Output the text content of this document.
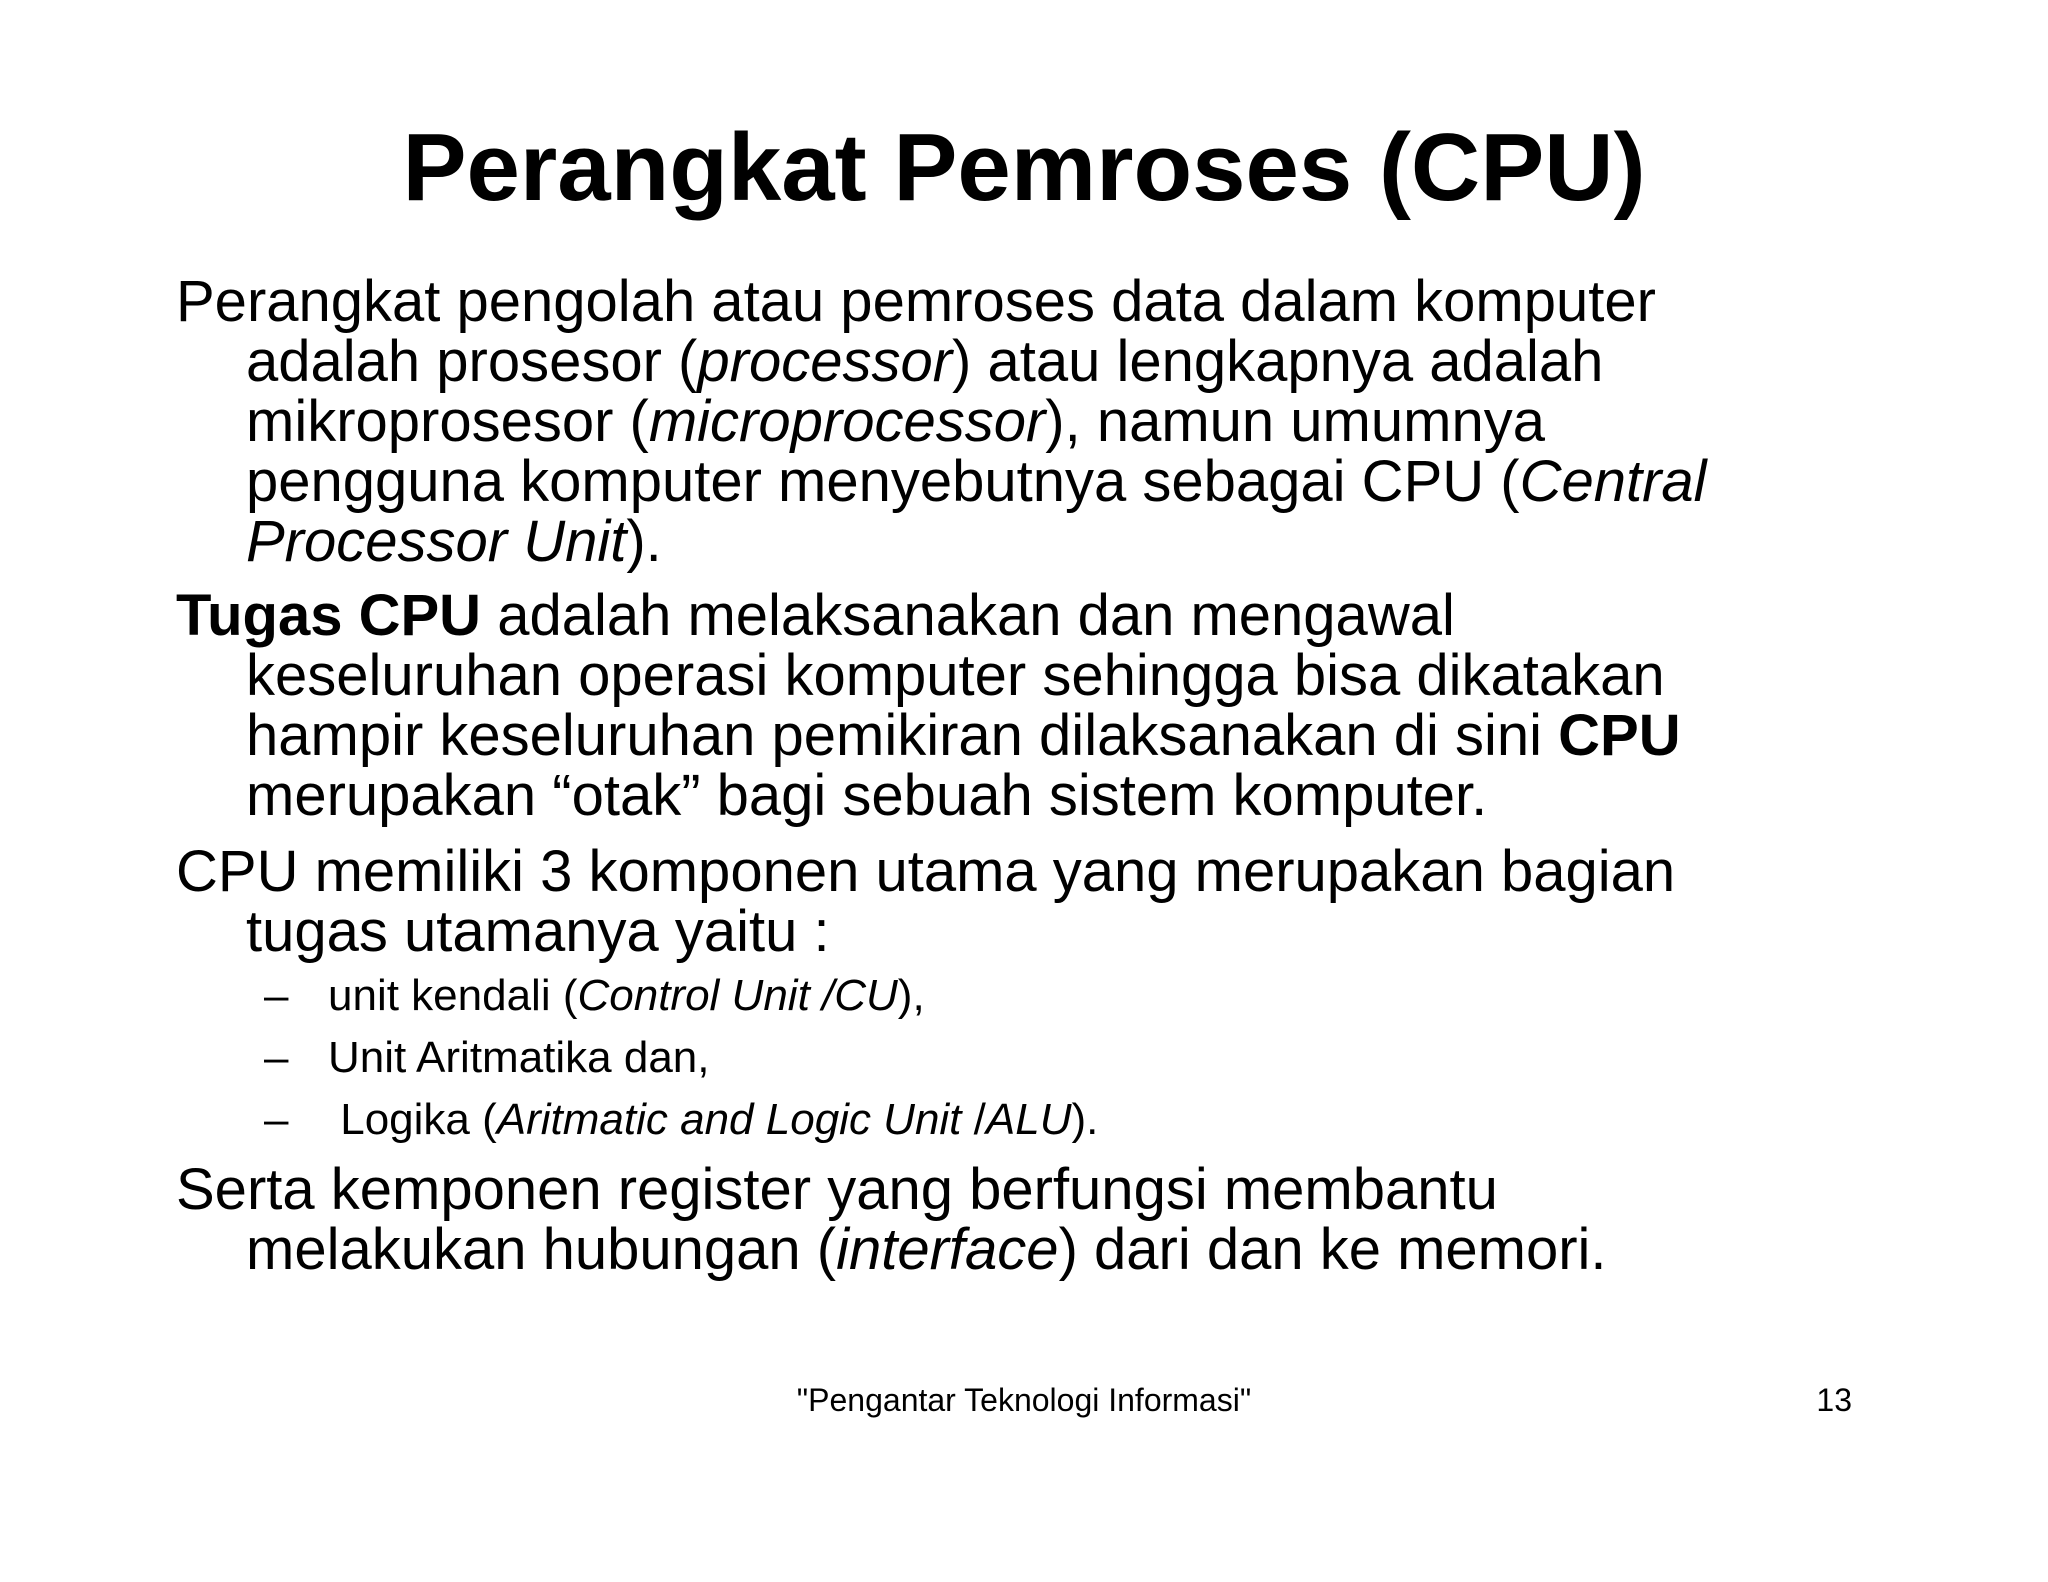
Perangkat Pemroses (CPU)

Perangkat pengolah atau pemroses data dalam komputer
adalah prosesor (processor) atau lengkapnya adalah
mikroprosesor (microprocessor), namun umumnya
pengguna komputer menyebutnya sebagai CPU (Central
Processor Unit).

Tugas CPU adalah melaksanakan dan mengawal
keseluruhan operasi komputer sehingga bisa dikatakan
hampir keseluruhan pemikiran dilaksanakan di sini CPU
merupakan “otak” bagi sebuah sistem komputer.

CPU memiliki 3 komponen utama yang merupakan bagian
tugas utamanya yaitu :

– unit kendali (Control Unit /CU),
– Unit Aritmatika dan,
– Logika (Aritmatic and Logic Unit /ALU).

Serta kemponen register yang berfungsi membantu
melakukan hubungan (interface) dari dan ke memori.

"Pengantar Teknologi Informasi"	13
